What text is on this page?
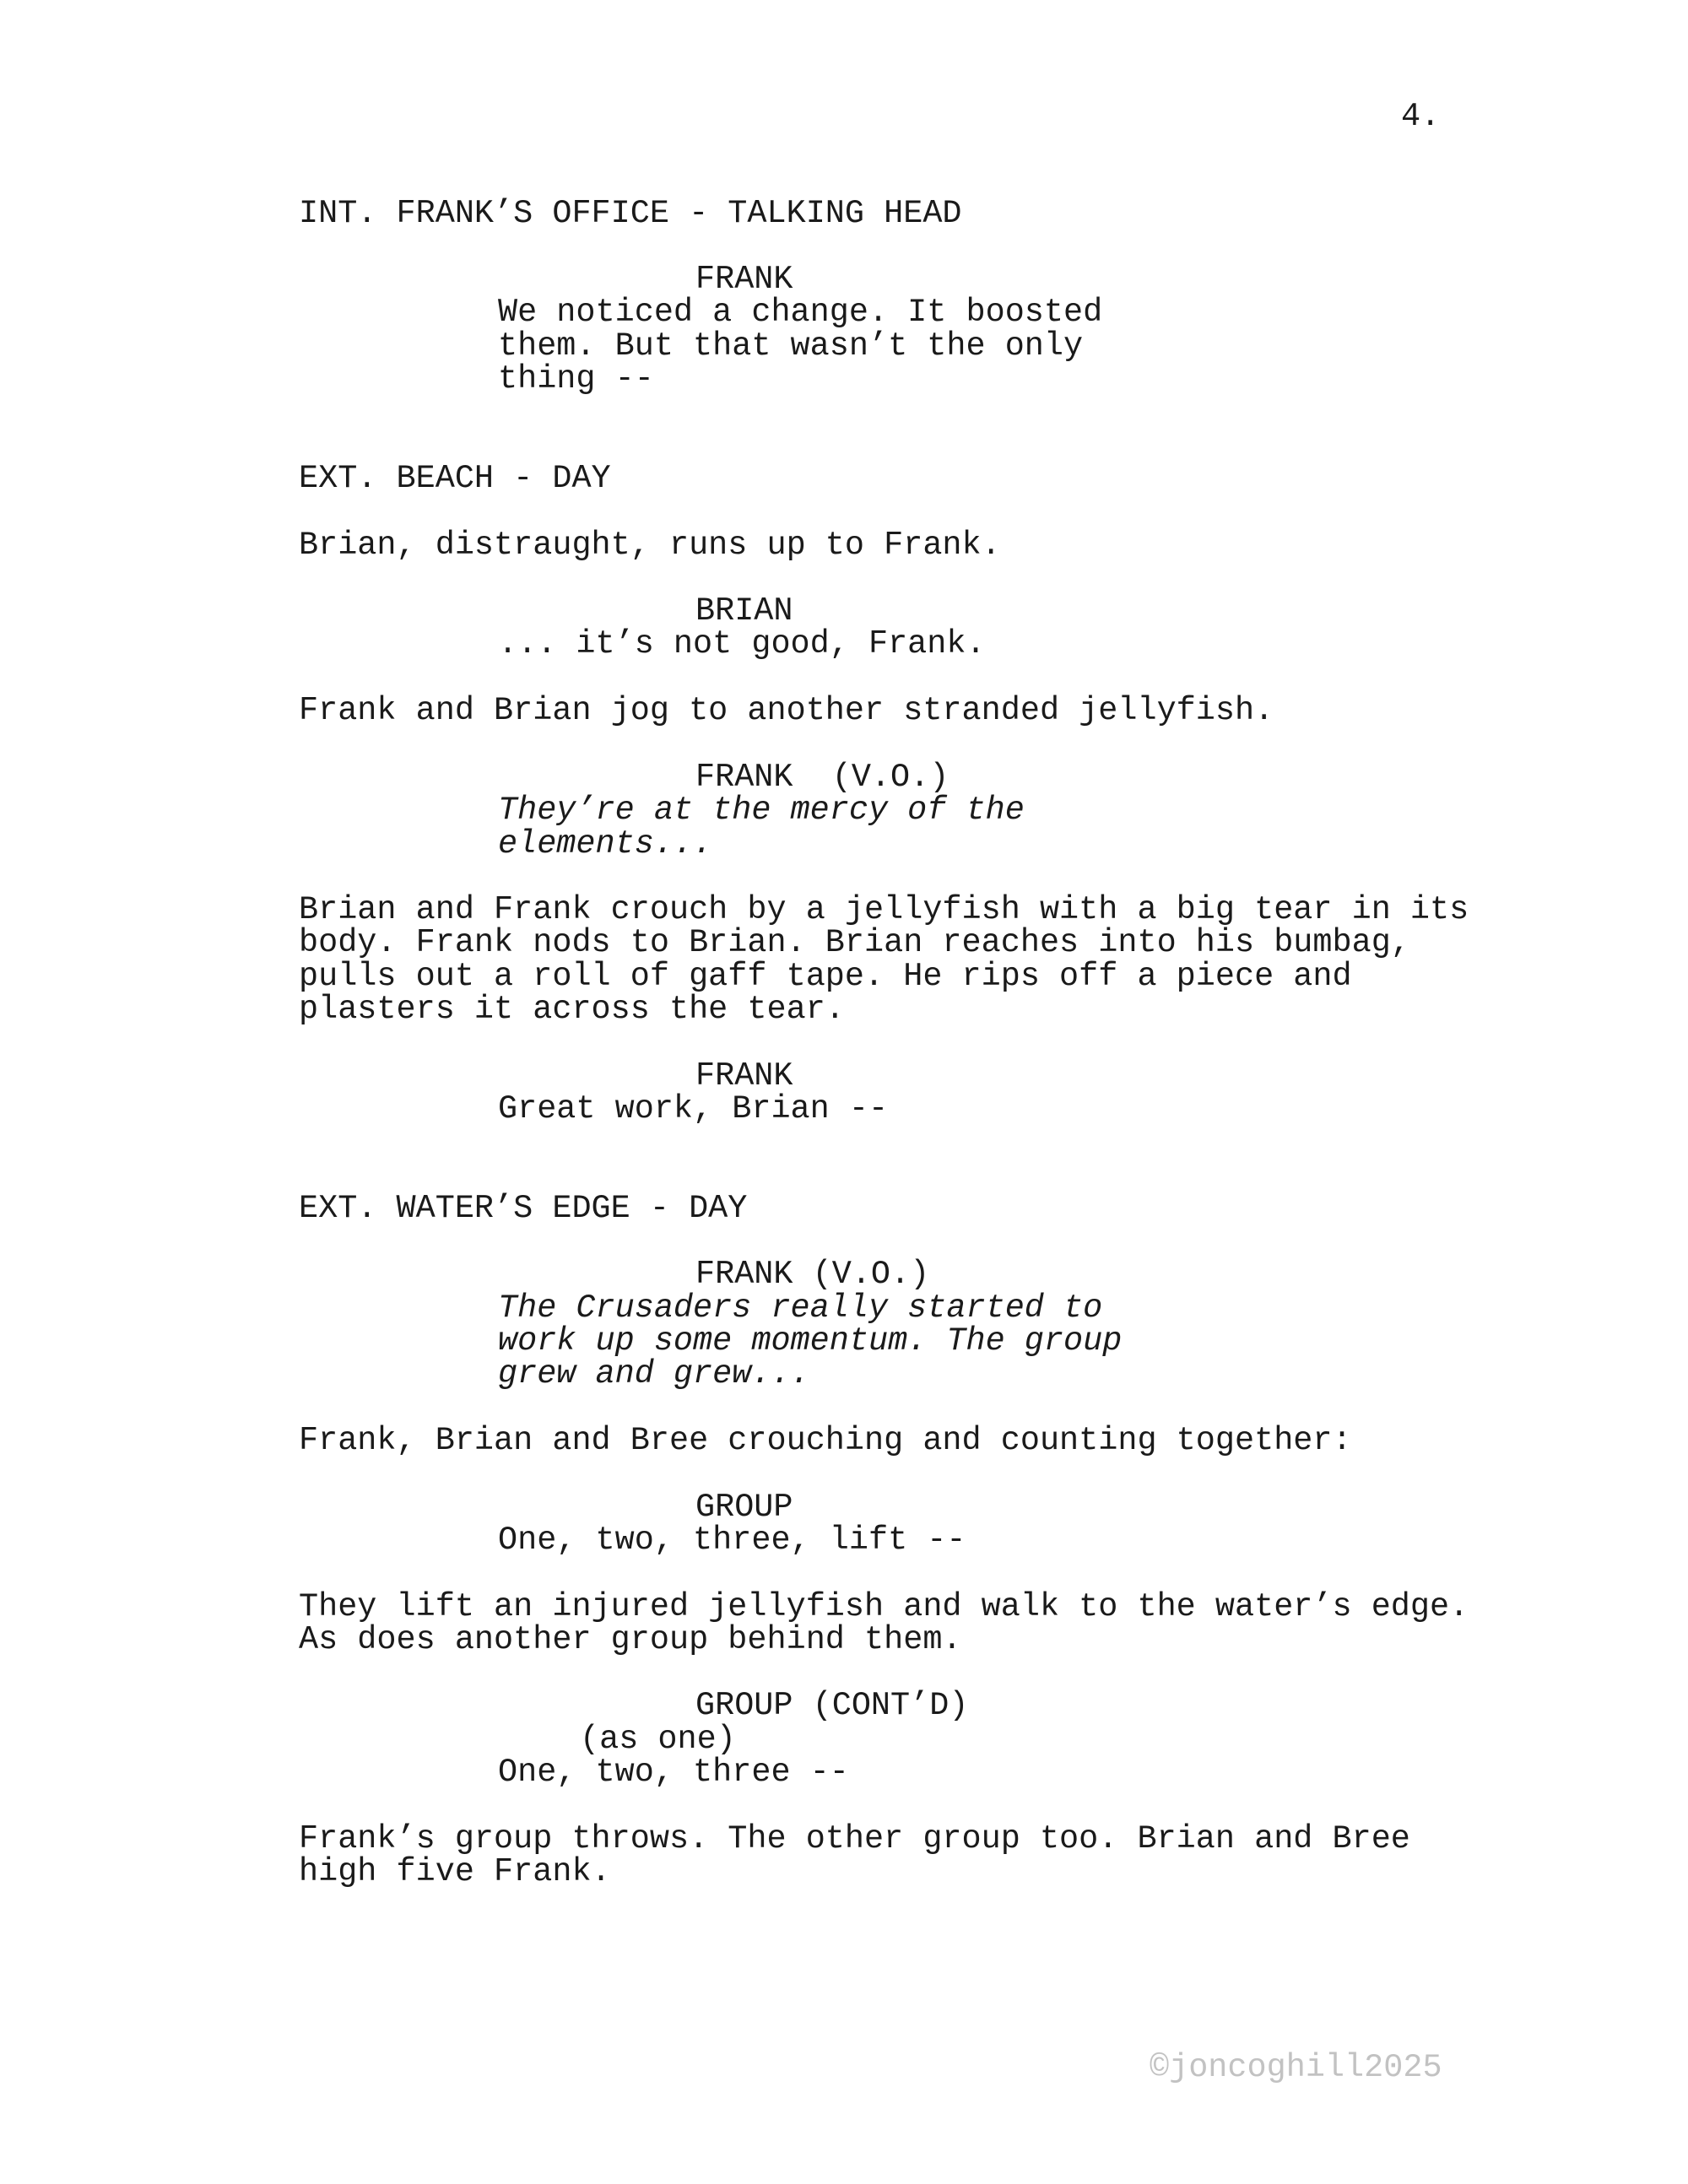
4.
INT. FRANK’S OFFICE - TALKING HEAD
FRANK
We noticed a change. It boosted
them. But that wasn’t the only
thing --
EXT. BEACH - DAY
Brian, distraught, runs up to Frank.
BRIAN
... it’s not good, Frank.
Frank and Brian jog to another stranded jellyfish.
FRANK  (V.O.)
They’re at the mercy of the
elements...
Brian and Frank crouch by a jellyfish with a big tear in its
body. Frank nods to Brian. Brian reaches into his bumbag,
pulls out a roll of gaff tape. He rips off a piece and
plasters it across the tear.
FRANK
Great work, Brian --
EXT. WATER’S EDGE - DAY
FRANK (V.O.)
The Crusaders really started to
work up some momentum. The group
grew and grew...
Frank, Brian and Bree crouching and counting together:
GROUP
One, two, three, lift --
They lift an injured jellyfish and walk to the water’s edge.
As does another group behind them.
GROUP (CONT’D)
(as one)
One, two, three --
Frank’s group throws. The other group too. Brian and Bree
high five Frank.
©joncoghill2025
